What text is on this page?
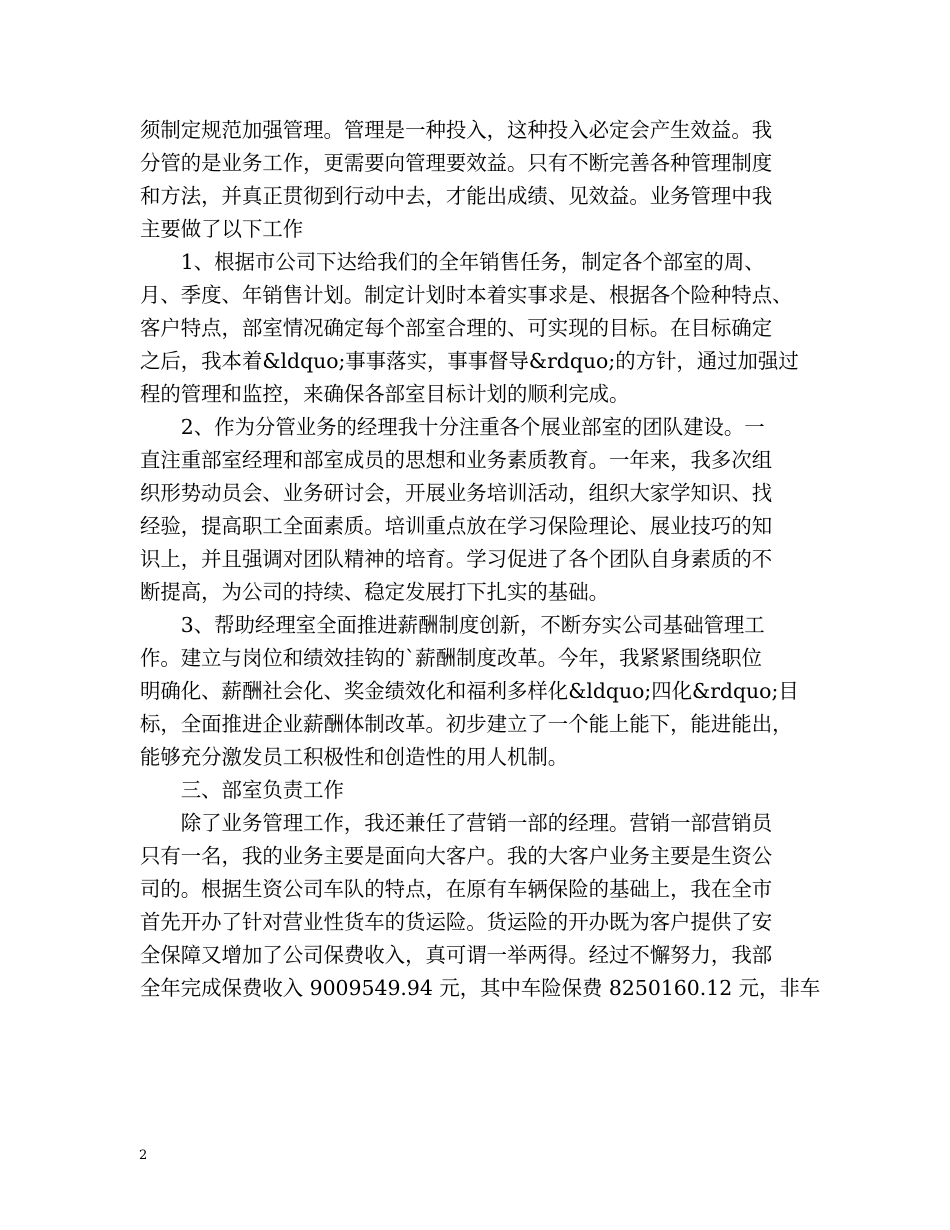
须制定规范加强管理。管理是一种投入，这种投入必定会产生效益。我
分管的是业务工作，更需要向管理要效益。只有不断完善各种管理制度
和方法，并真正贯彻到行动中去，才能出成绩、见效益。业务管理中我
主要做了以下工作
　　1、根据市公司下达给我们的全年销售任务，制定各个部室的周、
月、季度、年销售计划。制定计划时本着实事求是、根据各个险种特点、
客户特点，部室情况确定每个部室合理的、可实现的目标。在目标确定
之后，我本着&ldquo;事事落实，事事督导&rdquo;的方针，通过加强过
程的管理和监控，来确保各部室目标计划的顺利完成。
　　2、作为分管业务的经理我十分注重各个展业部室的团队建设。一
直注重部室经理和部室成员的思想和业务素质教育。一年来，我多次组
织形势动员会、业务研讨会，开展业务培训活动，组织大家学知识、找
经验，提高职工全面素质。培训重点放在学习保险理论、展业技巧的知
识上，并且强调对团队精神的培育。学习促进了各个团队自身素质的不
断提高，为公司的持续、稳定发展打下扎实的基础。
　　3、帮助经理室全面推进薪酬制度创新，不断夯实公司基础管理工
作。建立与岗位和绩效挂钩的`薪酬制度改革。今年，我紧紧围绕职位
明确化、薪酬社会化、奖金绩效化和福利多样化&ldquo;四化&rdquo;目
标，全面推进企业薪酬体制改革。初步建立了一个能上能下，能进能出，
能够充分激发员工积极性和创造性的用人机制。
　　三、部室负责工作
　　除了业务管理工作，我还兼任了营销一部的经理。营销一部营销员
只有一名，我的业务主要是面向大客户。我的大客户业务主要是生资公
司的。根据生资公司车队的特点，在原有车辆保险的基础上，我在全市
首先开办了针对营业性货车的货运险。货运险的开办既为客户提供了安
全保障又增加了公司保费收入，真可谓一举两得。经过不懈努力，我部
全年完成保费收入 9009549.94 元，其中车险保费 8250160.12 元，非车
2
